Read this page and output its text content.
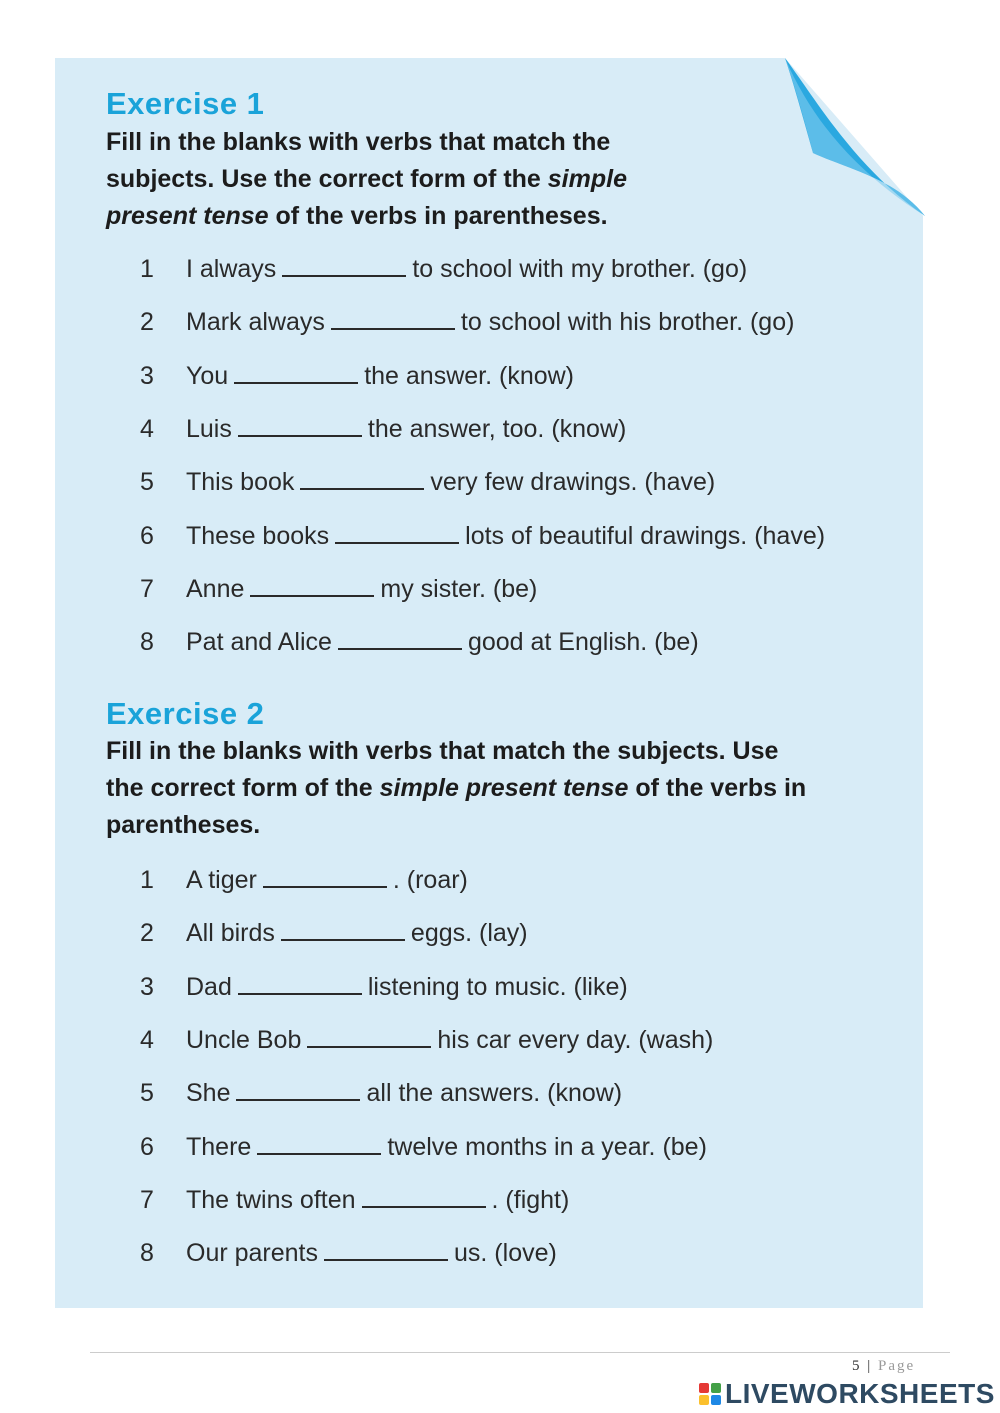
Exercise 1
Fill in the blanks with verbs that match the
subjects. Use the correct form of the simple
present tense of the verbs in parentheses.
1 I always	to school with my brother. (go)
2 Mark always	to school with his brother. (go)
3 You	the answer. (know)
4 Luis	the answer, too. (know)
5 This book	very few drawings. (have)
6 These books	lots of beautiful drawings. (have)
7 Anne	my sister. (be)
8 Pat and Alice	good at English. (be)
Exercise 2
Fill in the blanks with verbs that match the subjects. Use
the correct form of the simple present tense of the verbs in
parentheses.
1 A tiger	. (roar)
2 All birds	eggs. (lay)
3 Dad	listening to music. (like)
4 Uncle Bob	his car every day. (wash)
5 She	all the answers. (know)
6 There	twelve months in a year. (be)
7 The twins often	. (fight)
8 Our parents	us. (love)
5 | Page
LIVEWORKSHEETS
